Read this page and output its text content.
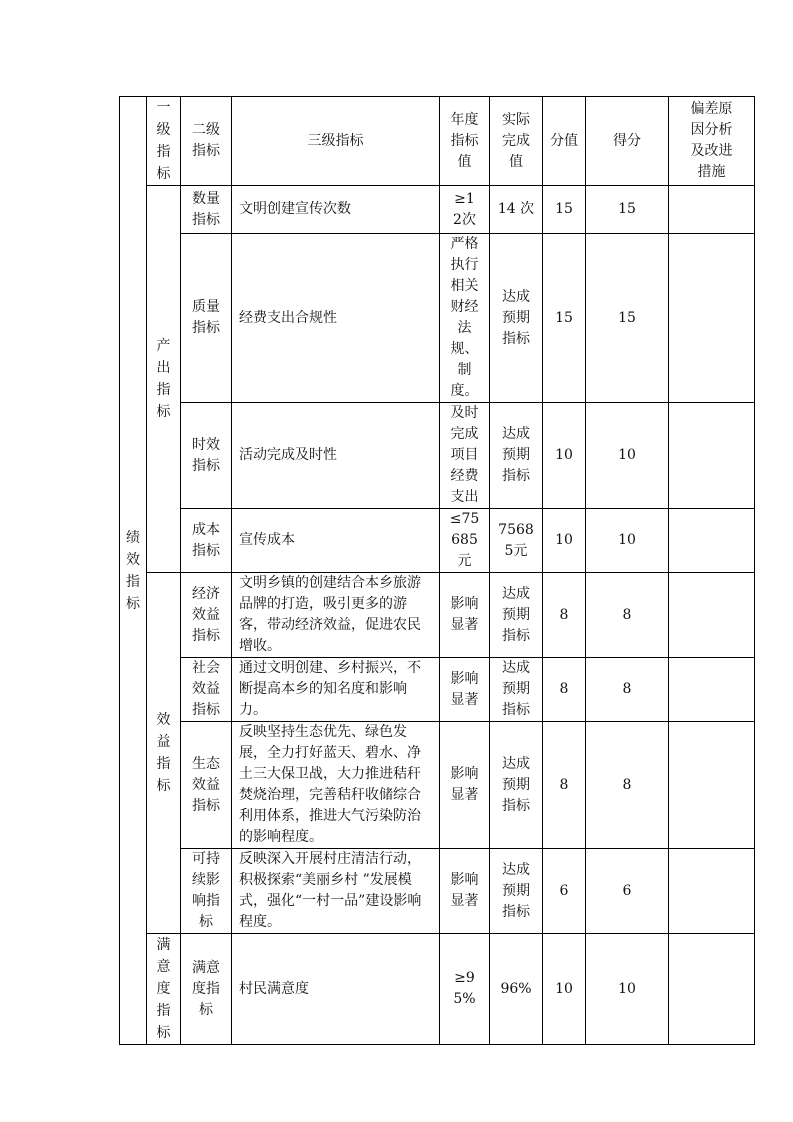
绩效指标	一级指标	二级指标	三级指标	年度指标值	实际完成值	分值	得分	偏差原因分析及改进措施
	产出指标	数量指标	文明创建宣传次数	≥12次	14 次	15	15	
		质量指标	经费支出合规性	严格执行相关财经法规、制度。	达成预期指标	15	15	
		时效指标	活动完成及时性	及时完成项目经费支出	达成预期指标	10	10	
		成本指标	宣传成本	≤75685元	75685元	10	10	
	效益指标	经济效益指标	文明乡镇的创建结合本乡旅游品牌的打造，吸引更多的游客，带动经济效益，促进农民增收。	影响显著	达成预期指标	8	8	
		社会效益指标	通过文明创建、乡村振兴，不断提高本乡的知名度和影响力。	影响显著	达成预期指标	8	8	
		生态效益指标	反映坚持生态优先、绿色发展，全力打好蓝天、碧水、净土三大保卫战，大力推进秸秆焚烧治理，完善秸秆收储综合利用体系，推进大气污染防治的影响程度。	影响显著	达成预期指标	8	8	
		可持续影响指标	反映深入开展村庄清洁行动，积极探索“美丽乡村 ”发展模式，强化“一村一品”建设影响程度。	影响显著	达成预期指标	6	6	
	满意度指标	满意度指标	村民满意度	≥95%	96%	10	10	
